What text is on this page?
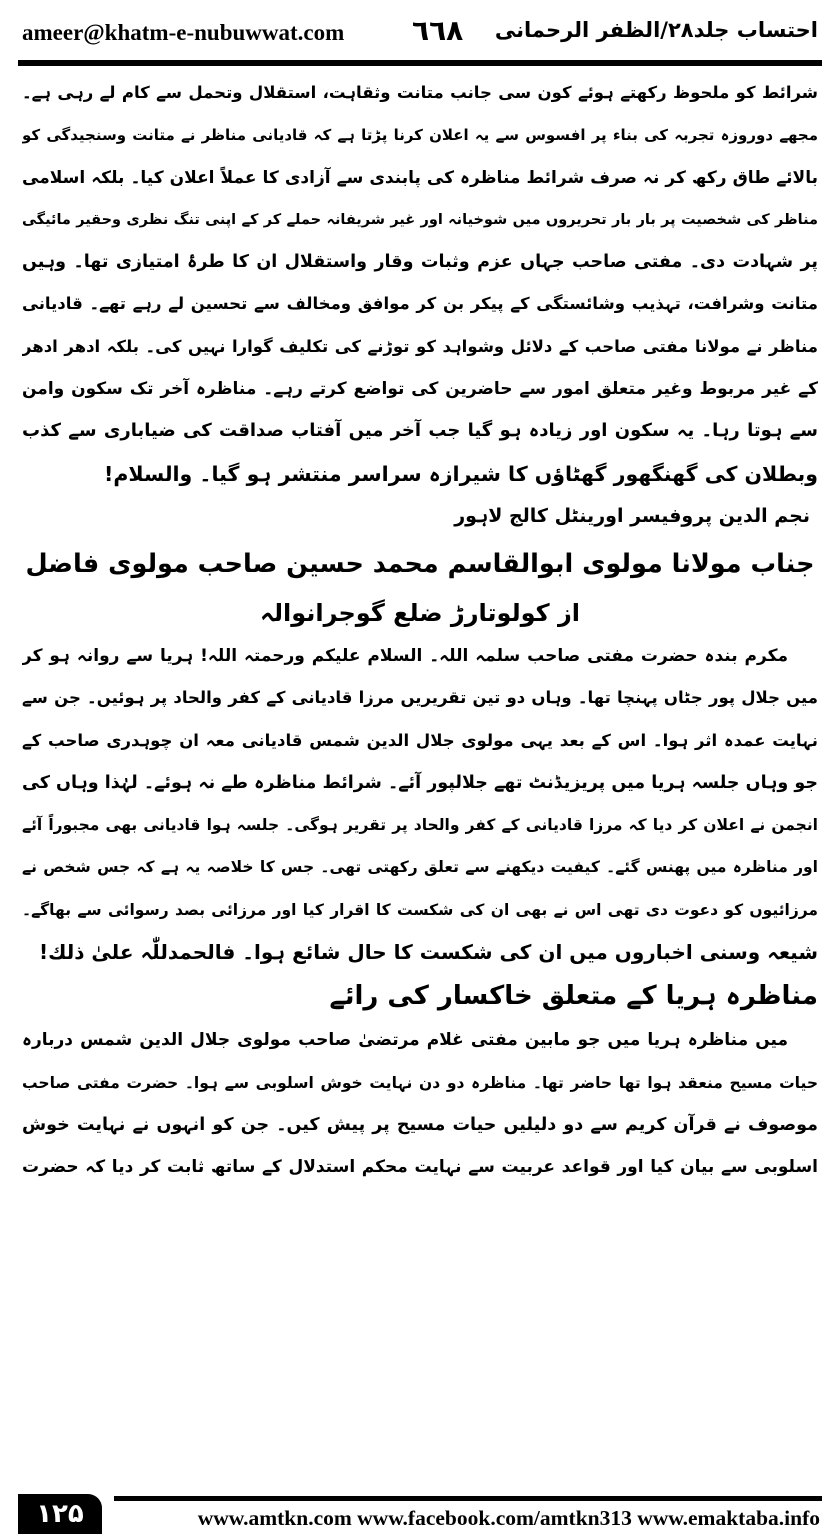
ameer@khatm-e-nubuwwat.com ٦٦٨ احتساب جلد۲۸/الظفر الرحمانی
شرائط کو ملحوظ رکھتے ہوئے کون سی جانب متانت وثقاہت، استقلال وتحمل سے کام لے رہی ہے۔
مجھے دوروزہ تجربہ کی بناء پر افسوس سے یہ اعلان کرنا پڑتا ہے کہ قادیانی مناظر نے متانت وسنجیدگی کو
بالائے طاق رکھ کر نہ صرف شرائط مناظرہ کی پابندی سے آزادی کا عملاً اعلان کیا۔ بلکہ اسلامی
مناظر کی شخصیت پر بار بار تحریروں میں شوخیانہ اور غیر شریفانہ حملے کر کے اپنی تنگ نظری وحقیر مائیگی
پر شہادت دی۔ مفتی صاحب جہاں عزم وثبات وقار واستقلال ان کا طرۂ امتیازی تھا۔ وہیں
متانت وشرافت، تہذیب وشائستگی کے پیکر بن کر موافق ومخالف سے تحسین لے رہے تھے۔ قادیانی
مناظر نے مولانا مفتی صاحب کے دلائل وشواہد کو توڑنے کی تکلیف گوارا نہیں کی۔ بلکہ ادھر ادھر
کے غیر مربوط وغیر متعلق امور سے حاضرین کی تواضع کرتے رہے۔ مناظرہ آخر تک سکون وامن
سے ہوتا رہا۔ یہ سکون اور زیادہ ہو گیا جب آخر میں آفتاب صداقت کی ضیاباری سے کذب
وبطلان کی گھنگھور گھٹاؤں کا شیرازہ سراسر منتشر ہو گیا۔ والسلام!
نجم الدین پروفیسر اورینٹل کالج لاہور
جناب مولانا مولوی ابوالقاسم محمد حسین صاحب مولوی فاضل
از کولوتارڑ ضلع گوجرانوالہ
مکرم بندہ حضرت مفتی صاحب سلمہ اللہ۔ السلام علیکم ورحمتہ اللہ! ہریا سے روانہ ہو کر
میں جلال پور جٹاں پہنچا تھا۔ وہاں دو تین تقریریں مرزا قادیانی کے کفر والحاد پر ہوئیں۔ جن سے
نہایت عمدہ اثر ہوا۔ اس کے بعد یہی مولوی جلال الدین شمس قادیانی معہ ان چوہدری صاحب کے
جو وہاں جلسہ ہریا میں پریزیڈنٹ تھے جلالپور آئے۔ شرائط مناظرہ طے نہ ہوئے۔ لہٰذا وہاں کی
انجمن نے اعلان کر دیا کہ مرزا قادیانی کے کفر والحاد پر تقریر ہوگی۔ جلسہ ہوا قادیانی بھی مجبوراً آئے
اور مناظرہ میں پھنس گئے۔ کیفیت دیکھنے سے تعلق رکھتی تھی۔ جس کا خلاصہ یہ ہے کہ جس شخص نے
مرزائیوں کو دعوت دی تھی اس نے بھی ان کی شکست کا اقرار کیا اور مرزائی بصد رسوائی سے بھاگے۔
شیعہ وسنی اخباروں میں ان کی شکست کا حال شائع ہوا۔ فالحمدللّٰہ علیٰ ذلك!
مناظرہ ہریا کے متعلق خاکسار کی رائے
میں مناظرہ ہریا میں جو مابین مفتی غلام مرتضیٰ صاحب مولوی جلال الدین شمس دربارہ
حیات مسیح منعقد ہوا تھا حاضر تھا۔ مناظرہ دو دن نہایت خوش اسلوبی سے ہوا۔ حضرت مفتی صاحب
موصوف نے قرآن کریم سے دو دلیلیں حیات مسیح پر پیش کیں۔ جن کو انہوں نے نہایت خوش
اسلوبی سے بیان کیا اور قواعد عربیت سے نہایت محکم استدلال کے ساتھ ثابت کر دیا کہ حضرت
۱۲۵	www.amtkn.com www.facebook.com/amtkn313 www.emaktaba.info
